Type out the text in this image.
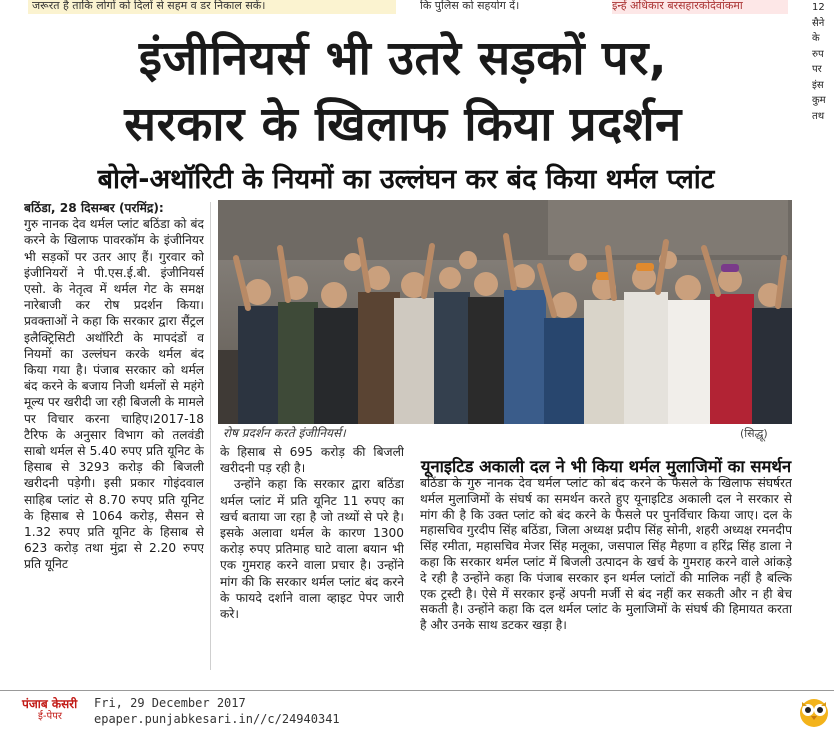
जरूरत है ताकि लोगों को दिलों से सहम व डर निकाल सकें।	कि पुलिस को सहयोग दें।	इन्हें अधिकार बरसहारकोदेवांकमा	12
सैने
के
रुप
पर
इंस
कुम
तथ
इंजीनियर्स भी उतरे सड़कों पर,
सरकार के खिलाफ किया प्रदर्शन
बोले-अथॉरिटी के नियमों का उल्लंघन कर बंद किया थर्मल प्लांट

बठिंडा, 28 दिसम्बर (परमिंद्र):

गुरु नानक देव थर्मल प्लांट बठिंडा को बंद करने के खिलाफ पावरकॉम के इंजीनियर भी सड़कों पर उतर आए हैं। गुरवार को इंजीनियरों ने पी.एस.ई.बी. इंजीनियर्स एसो. के नेतृत्व में थर्मल गेट के समक्ष नारेबाजी कर रोष प्रदर्शन किया। प्रवक्ताओं ने कहा कि सरकार द्वारा सैंट्रल इलैक्ट्रिसिटी अथॉरिटी के मापदंडों व नियमों का उल्लंघन करके थर्मल बंद किया गया है। पंजाब सरकार को थर्मल बंद करने के बजाय निजी थर्मलों से महंगे मूल्य पर खरीदी जा रही बिजली के मामले पर विचार करना चाहिए।2017-18 टैरिफ के अनुसार विभाग को तलवंडी साबो थर्मल से 5.40 रुपए प्रति यूनिट के हिसाब से 3293 करोड़ की बिजली खरीदनी पड़ेगी। इसी प्रकार गोइंदवाल साहिब प्लांट से 8.70 रुपए प्रति यूनिट के हिसाब से 1064 करोड़, सैसन से 1.32 रुपए प्रति यूनिट के हिसाब से 623 करोड़ तथा मुंद्रा से 2.20 रुपए प्रति यूनिट

रोष प्रदर्शन करते इंजीनियर्स।	(सिद्धू)

के हिसाब से 695 करोड़ की बिजली खरीदनी पड़ रही है।

उन्होंने कहा कि सरकार द्वारा बठिंडा थर्मल प्लांट में प्रति यूनिट 11 रुपए का खर्च बताया जा रहा है जो तथ्यों से परे है। इसके अलावा थर्मल के कारण 1300 करोड़ रुपए प्रतिमाह घाटे वाला बयान भी एक गुमराह करने वाला प्रचार है। उन्होंने मांग की कि सरकार थर्मल प्लांट बंद करने के फायदे दर्शाने वाला व्हाइट पेपर जारी करे।

यूनाइटिड अकाली दल ने भी किया थर्मल मुलाजिमों का समर्थन
बठिंडा के गुरु नानक देव थर्मल प्लांट को बंद करने के फैसले के खिलाफ संघर्षरत थर्मल मुलाजिमों के संघर्ष का समर्थन करते हुए यूनाइटिड अकाली दल ने सरकार से मांग की है कि उक्त प्लांट को बंद करने के फैसले पर पुनर्विचार किया जाए। दल के महासचिव गुरदीप सिंह बठिंडा, जिला अध्यक्ष प्रदीप सिंह सोनी, शहरी अध्यक्ष रमनदीप सिंह रमीता, महासचिव मेजर सिंह मलूका, जसपाल सिंह मैहणा व हरिंद्र सिंह डाला ने कहा कि सरकार थर्मल प्लांट में बिजली उत्पादन के खर्च के गुमराह करने वाले आंकड़े दे रही है उन्होंने कहा कि पंजाब सरकार इन थर्मल प्लांटों की मालिक नहीं है बल्कि एक ट्रस्टी है। ऐसे में सरकार इन्हें अपनी मर्जी से बंद नहीं कर सकती और न ही बेच सकती है। उन्होंने कहा कि दल थर्मल प्लांट के मुलाजिमों के संघर्ष की हिमायत करता है और उनके साथ डटकर खड़ा है।
पंजाब केसरी
ई-पेपर
Fri, 29 December 2017
epaper.punjabkesari.in//c/24940341
